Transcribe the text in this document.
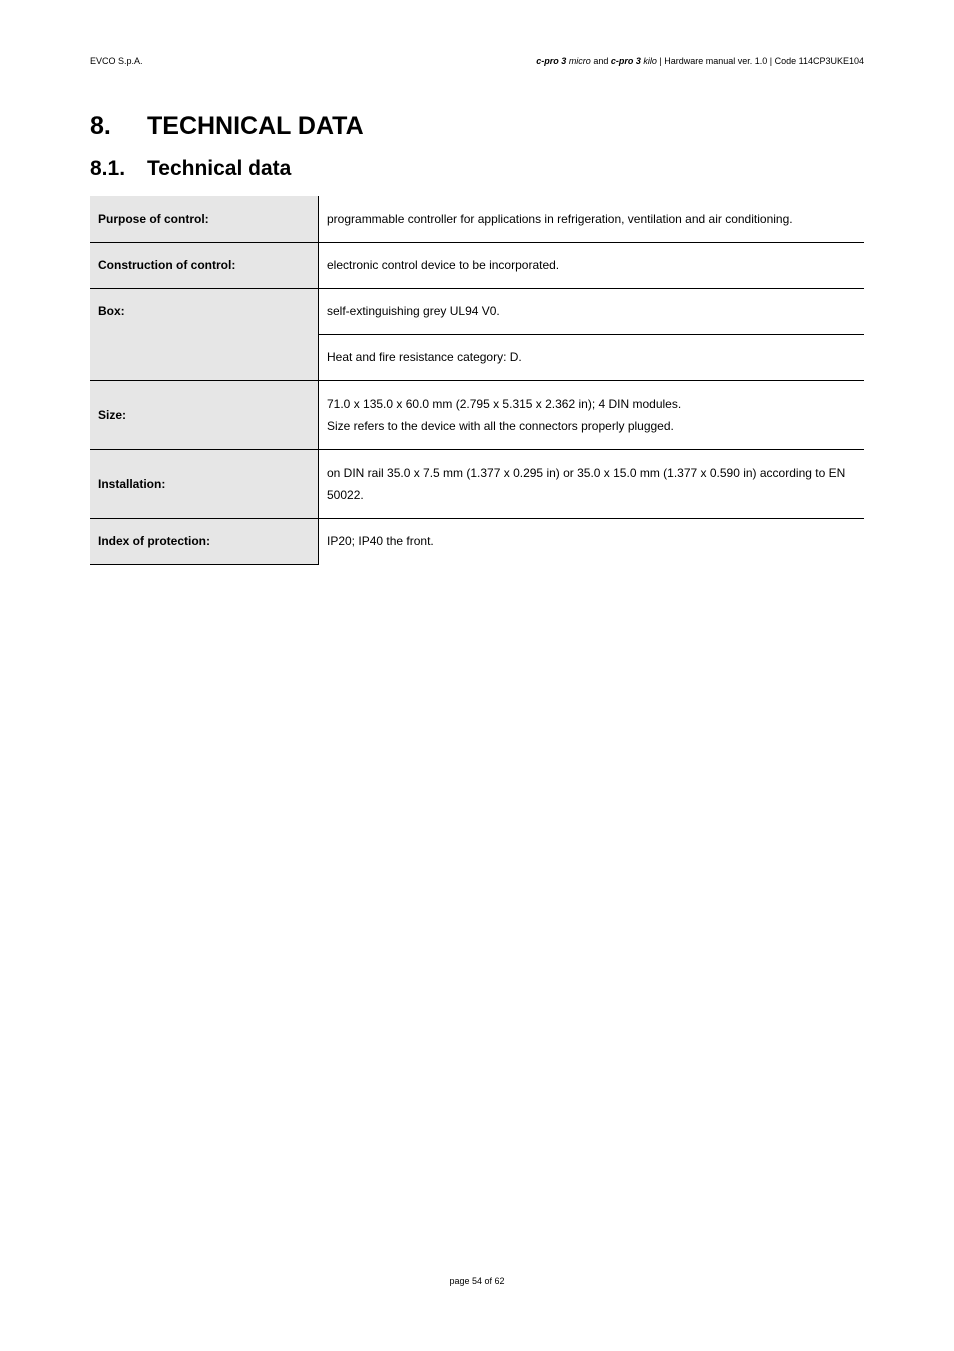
EVCO S.p.A.	c-pro 3 micro and c-pro 3 kilo | Hardware manual ver. 1.0 | Code 114CP3UKE104
8. TECHNICAL DATA
8.1. Technical data
Purpose of control:	programmable controller for applications in refrigeration, ventilation and air conditioning.
Construction of control:	electronic control device to be incorporated.
Box:	self-extinguishing grey UL94 V0.
	Heat and fire resistance category: D.
Size:	71.0 x 135.0 x 60.0 mm (2.795 x 5.315 x 2.362 in); 4 DIN modules.
Size refers to the device with all the connectors properly plugged.

Installation:	on DIN rail 35.0 x 7.5 mm (1.377 x 0.295 in) or 35.0 x 15.0 mm (1.377 x 0.590 in) according to EN 50022.
Index of protection:	IP20; IP40 the front.
page 54 of 62
